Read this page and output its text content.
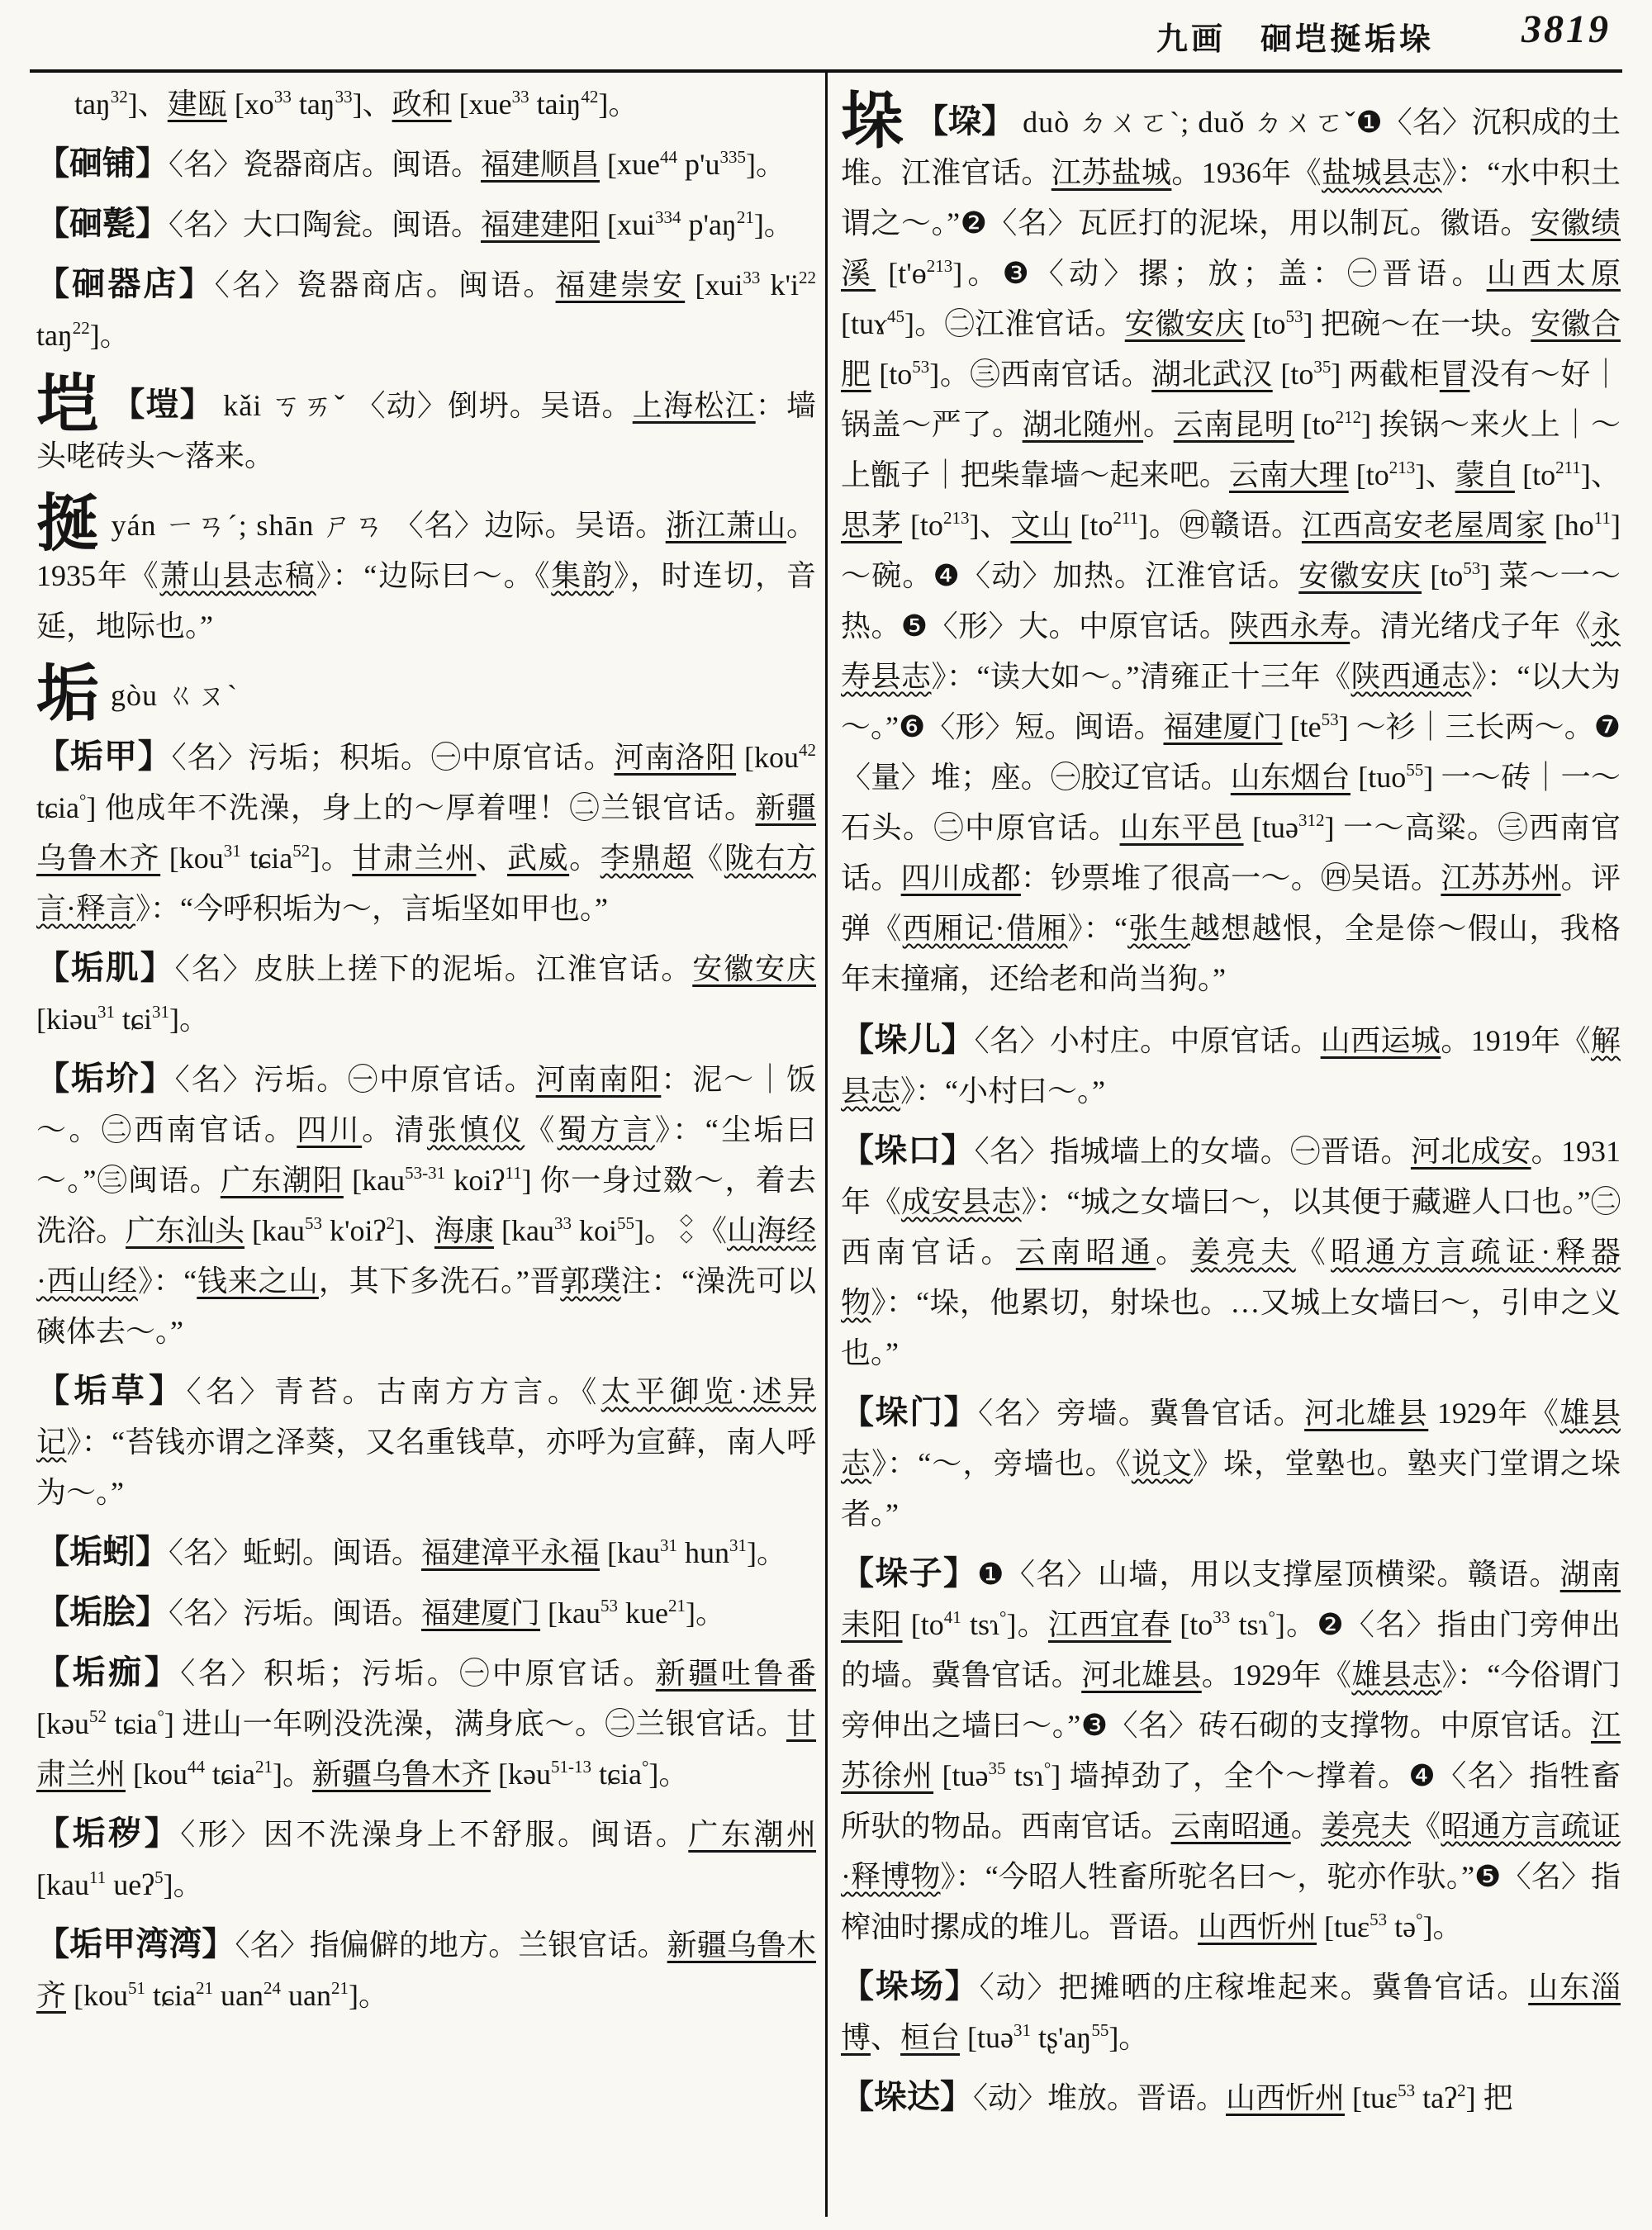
九画　硘垲挻垢垛 3819

taŋ$^{32}$]、建瓯 [$xo^{33}$ taŋ$^{33}$]、政和 [xue$^{33}$ taiŋ$^{42}$]。

【硘铺】〈名〉瓷器商店。闽语。福建顺昌 [xue$^{44}$ $p'u^{335}$]。

【硘甏】〈名〉大口陶瓮。闽语。福建建阳 [xui$^{334}$ $p'aŋ^{21}$]。

【硘器店】〈名〉瓷器商店。闽语。福建崇安 [xui$^{33}$ $k'i^{22}$ taŋ$^{22}$]。

垲 【塏】 kǎi ㄎㄞˇ 〈动〉倒坍。吴语。上海松江：墙头咾砖头～落来。

挻yán ㄧㄢˊ; shān ㄕㄢ 〈名〉边际。吴语。浙江萧山。1935年《萧山县志稿》：“边际曰～。《集韵》，时连切，音延，地际也。”

垢gòu ㄍㄡˋ

【垢甲】〈名〉污垢；积垢。㊀中原官话。河南洛阳 [kou$^{42}$ tɕia°] 他成年不洗澡，身上的～厚着哩！㊁兰银官话。新疆乌鲁木齐 [kou$^{31}$ tɕia$^{52}$]。甘肃兰州、武威。李鼎超《陇右方言·释言》：“今呼积垢为～，言垢坚如甲也。”

【垢肌】〈名〉皮肤上搓下的泥垢。江淮官话。安徽安庆 [kiəu$^{31}$ tɕi$^{31}$]。

【垢圿】〈名〉污垢。㊀中原官话。河南南阳：泥～｜饭～。㊁西南官话。四川。清张慎仪《蜀方言》：“尘垢曰～。”㊂闽语。广东潮阳 [kau$^{53-31}$ koiʔ$^{11}$] 你一身过敪～，着去洗浴。广东汕头 [kau$^{53}$ k'oiʔ$^2$]、海康 [kau$^{33}$ koi$^{55}$]。 ◇◇《山海经·西山经》：“钱来之山，其下多洗石。”晋郭璞注：“澡洗可以磢体去～。”

【垢草】〈名〉青苔。古南方方言。《太平御览·述异记》：“苔钱亦谓之泽葵，又名重钱草，亦呼为宣藓，南人呼为～。”

【垢蚓】〈名〉蚯蚓。闽语。福建漳平永福 [kau$^{31}$ hun$^{31}$]。

【垢脍】〈名〉污垢。闽语。福建厦门 [kau$^{53}$ kue$^{21}$]。

【垢痂】〈名〉积垢；污垢。㊀中原官话。新疆吐鲁番 [kəu$^{52}$ tɕia°] 进山一年咧没洗澡，满身底～。㊁兰银官话。甘肃兰州 [kou$^{44}$ tɕia$^{21}$]。新疆乌鲁木齐 [kəu$^{51-13}$ tɕia°]。

【垢秽】〈形〉因不洗澡身上不舒服。闽语。广东潮州 [kau$^{11}$ ueʔ$^5$]。

【垢甲湾湾】〈名〉指偏僻的地方。兰银官话。新疆乌鲁木齐 [kou$^{51}$ tɕia$^{21}$ uan$^{24}$ uan$^{21}$]。

垛 【垜】 duò ㄉㄨㄛˋ; duǒ ㄉㄨㄛˇ❶〈名〉沉积成的土堆。江淮官话。江苏盐城。1936年《盐城县志》：“水中积土谓之～。”❷〈名〉瓦匠打的泥垛，用以制瓦。徽语。安徽绩溪 [t'ɵ$^{213}$]。❸〈动〉摞；放；盖：㊀晋语。山西太原 [tuɤ$^{45}$]。㊁江淮官话。安徽安庆 $[to^{53}]$ 把碗～在一块。安徽合肥 $[to^{53}]$。㊂西南官话。湖北武汉 $[to^{35}]$ 两截柜冒没有～好｜锅盖～严了。湖北随州。云南昆明 $[to^{212}]$ 挨锅～来火上｜～上甑子｜把柴靠墙～起来吧。云南大理 $[to^{213}]$、蒙自 $[to^{211}]$、思茅 $[to^{213}]$、文山 $[to^{211}]$。㊃赣语。江西高安老屋周家 $[ho^{11}]$ ～碗。❹〈动〉加热。江淮官话。安徽安庆 $[to^{53}]$ 菜～一～热。❺〈形〉大。中原官话。陕西永寿。清光绪戊子年《永寿县志》：“读大如～。”清雍正十三年《陕西通志》：“以大为～。”❻〈形〉短。闽语。福建厦门 $[te^{53}]$ ～衫｜三长两～。❼〈量〉堆；座。㊀胶辽官话。山东烟台 [tuo$^{55}$] 一～砖｜一～石头。㊁中原官话。山东平邑 [tuə$^{312}$] 一～高粱。㊂西南官话。四川成都：钞票堆了很高一～。㊃吴语。江苏苏州。评弹《西厢记·借厢》：“张生越想越恨，全是倷～假山，我格年末撞痛，还给老和尚当狗。”

【垛儿】〈名〉小村庄。中原官话。山西运城。1919年《解县志》：“小村曰～。”

【垛口】〈名〉指城墙上的女墙。㊀晋语。河北成安。1931年《成安县志》：“城之女墙曰～，以其便于藏避人口也。”㊁西南官话。云南昭通。姜亮夫《昭通方言疏证·释器物》：“垛，他累切，射垛也。…又城上女墙曰～，引申之义也。”

【垛门】〈名〉旁墙。冀鲁官话。河北雄县 1929年《雄县志》：“～，旁墙也。《说文》垛，堂塾也。塾夹门堂谓之垛者。”

【垛子】❶〈名〉山墙，用以支撑屋顶横梁。赣语。湖南耒阳 [$to^{41}$ tsɿ°]。江西宜春 [$to^{33}$ tsɿ°]。❷〈名〉指由门旁伸出的墙。冀鲁官话。河北雄县。1929年《雄县志》：“今俗谓门旁伸出之墙曰～。”❸〈名〉砖石砌的支撑物。中原官话。江苏徐州 [tuə$^{35}$ tsɿ°] 墙掉劲了，全个～撑着。❹〈名〉指牲畜所驮的物品。西南官话。云南昭通。姜亮夫《昭通方言疏证·释博物》：“今昭人牲畜所驼名曰～，驼亦作驮。”❺〈名〉指榨油时摞成的堆儿。晋语。山西忻州 [tuɛ$^{53}$ tə°]。

【垛场】〈动〉把摊晒的庄稼堆起来。冀鲁官话。山东淄博、桓台 [tuə$^{31}$ $tʂ'aŋ^{55}$]。

【垛达】〈动〉堆放。晋语。山西忻州 [tuɛ$^{53}$ taʔ$^2$] 把
